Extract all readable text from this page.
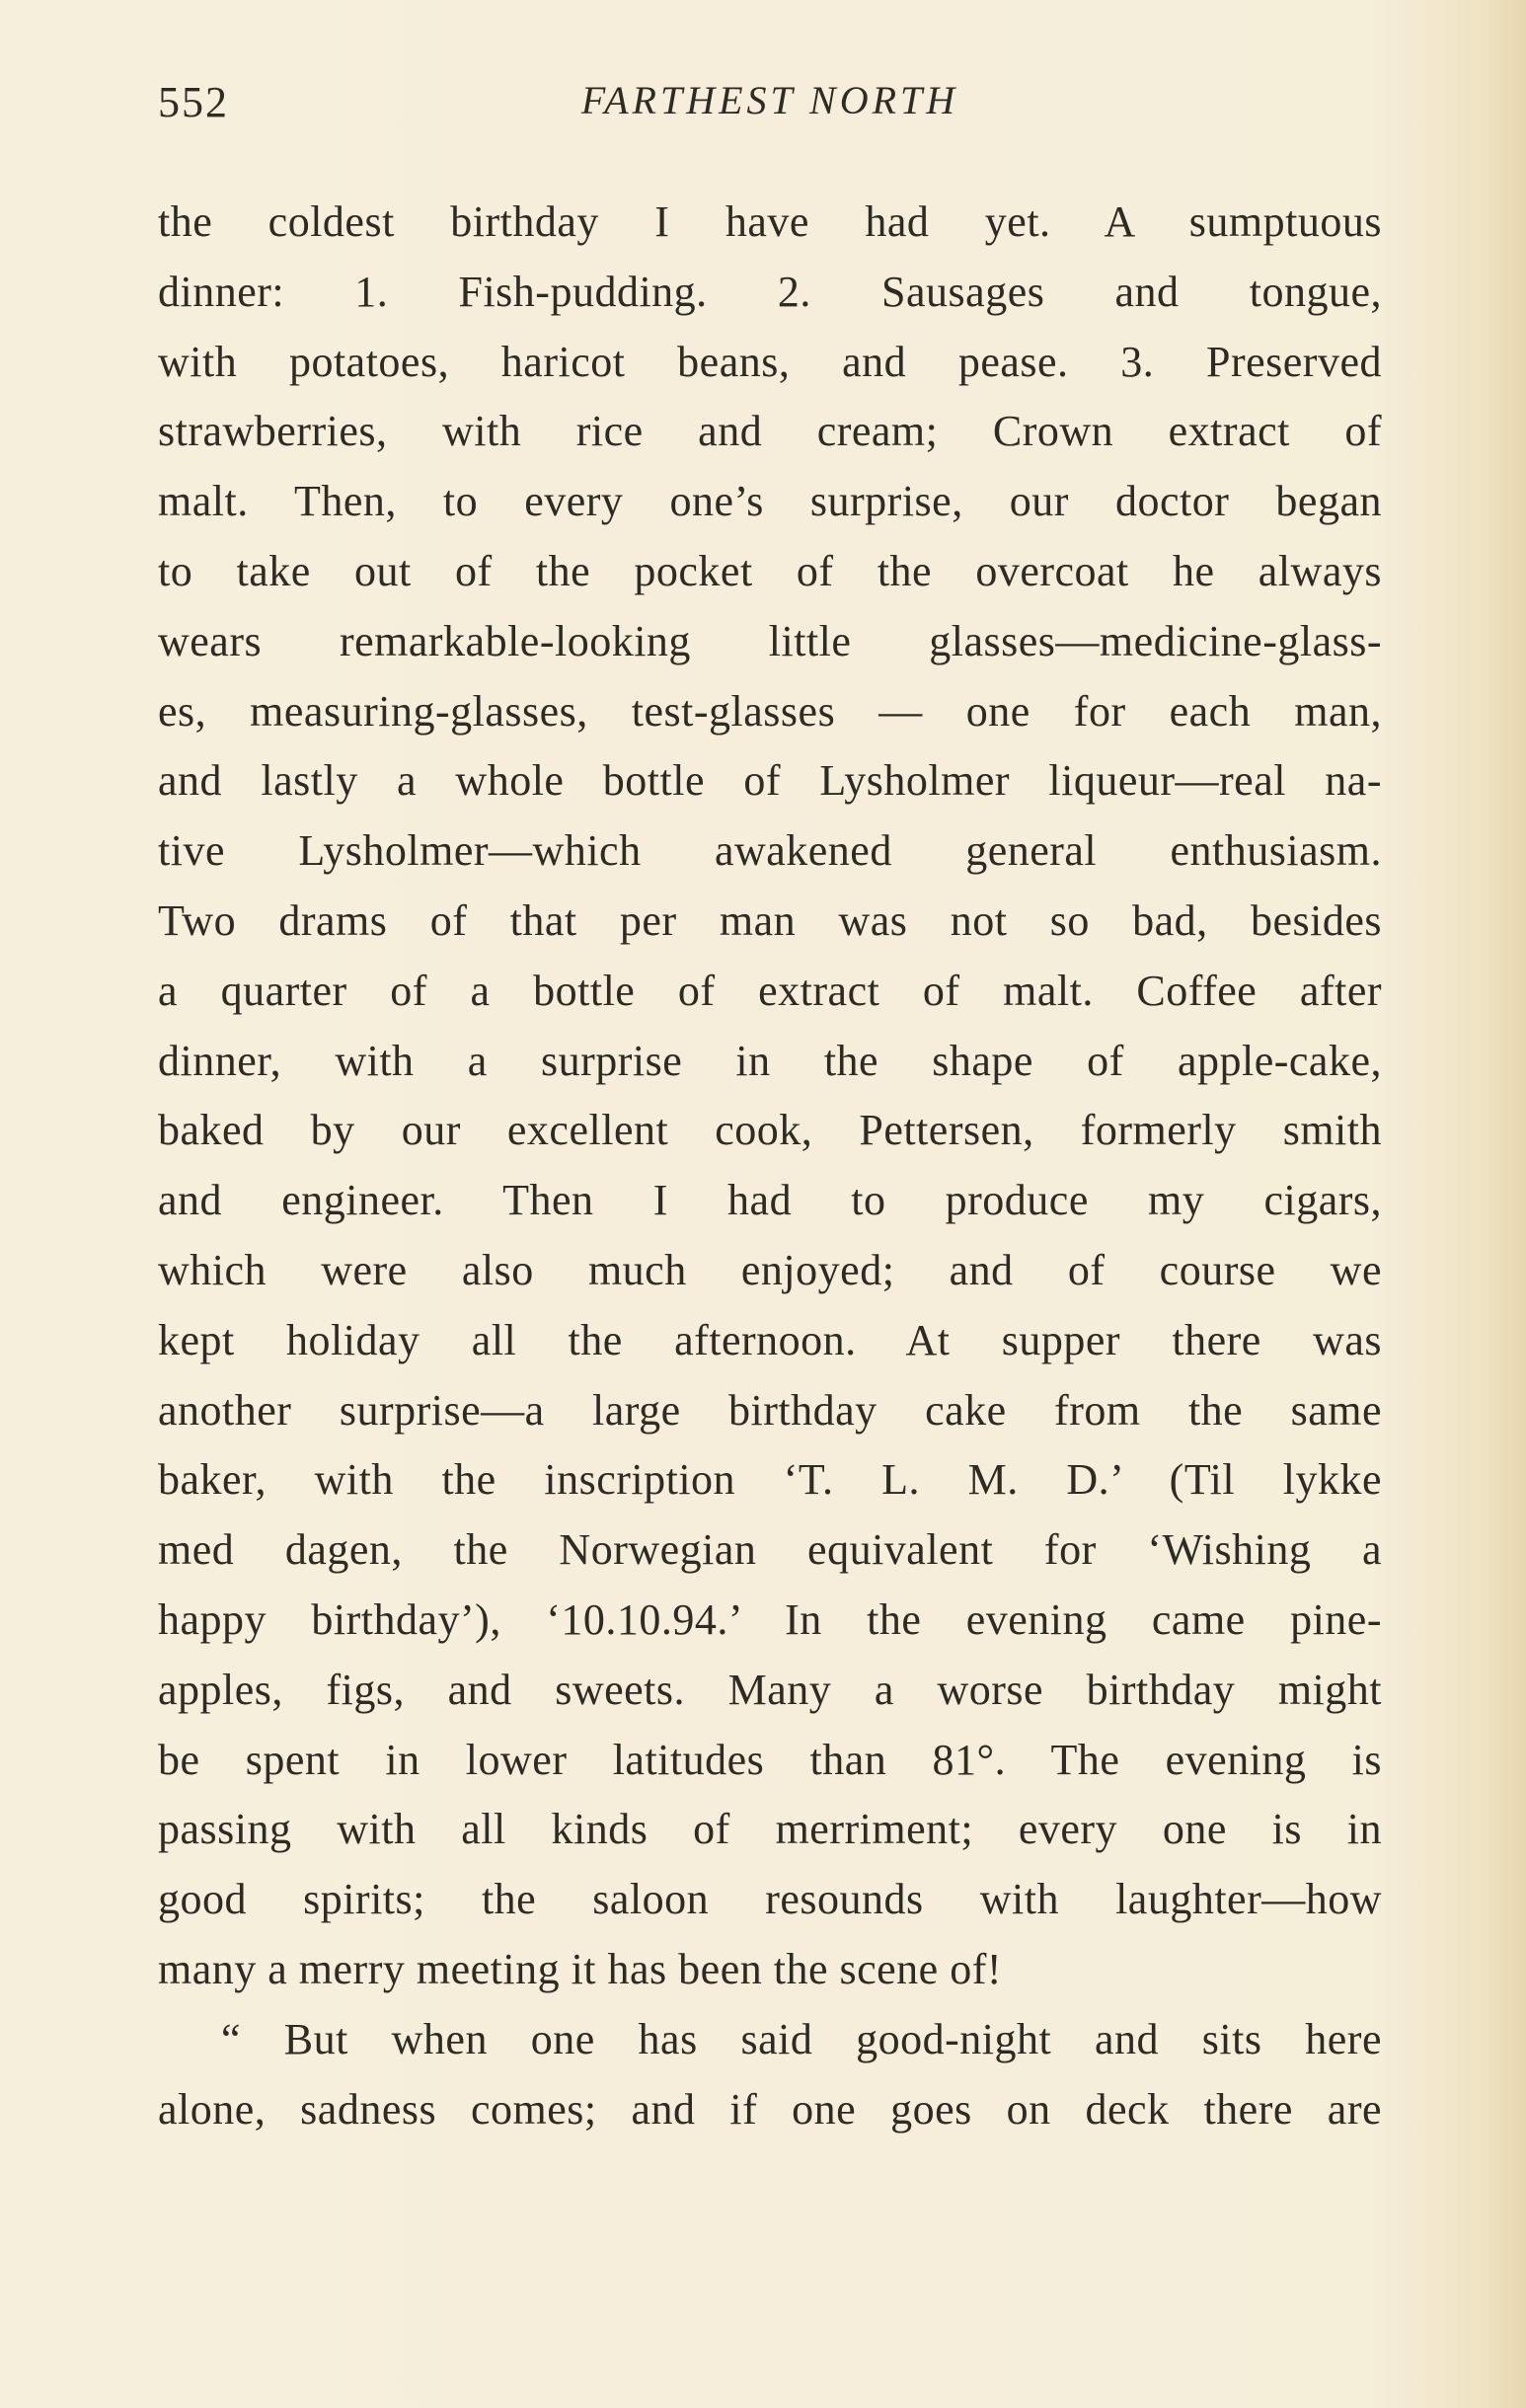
552	FARTHEST NORTH
the coldest birthday I have had yet. A sumptuous
dinner: 1. Fish-pudding. 2. Sausages and tongue,
with potatoes, haricot beans, and pease. 3. Preserved
strawberries, with rice and cream; Crown extract of
malt. Then, to every one’s surprise, our doctor began
to take out of the pocket of the overcoat he always
wears remarkable-looking little glasses—medicine-glass-
es, measuring-glasses, test-glasses — one for each man,
and lastly a whole bottle of Lysholmer liqueur—real na-
tive Lysholmer—which awakened general enthusiasm.
Two drams of that per man was not so bad, besides
a quarter of a bottle of extract of malt. Coffee after
dinner, with a surprise in the shape of apple-cake,
baked by our excellent cook, Pettersen, formerly smith
and engineer. Then I had to produce my cigars,
which were also much enjoyed; and of course we
kept holiday all the afternoon. At supper there was
another surprise—a large birthday cake from the same
baker, with the inscription ‘T. L. M. D.’ (Til lykke
med dagen, the Norwegian equivalent for ‘Wishing a
happy birthday’), ‘10.10.94.’ In the evening came pine-
apples, figs, and sweets. Many a worse birthday might
be spent in lower latitudes than 81°. The evening is
passing with all kinds of merriment; every one is in
good spirits; the saloon resounds with laughter—how
many a merry meeting it has been the scene of!
“ But when one has said good-night and sits here
alone, sadness comes; and if one goes on deck there are
